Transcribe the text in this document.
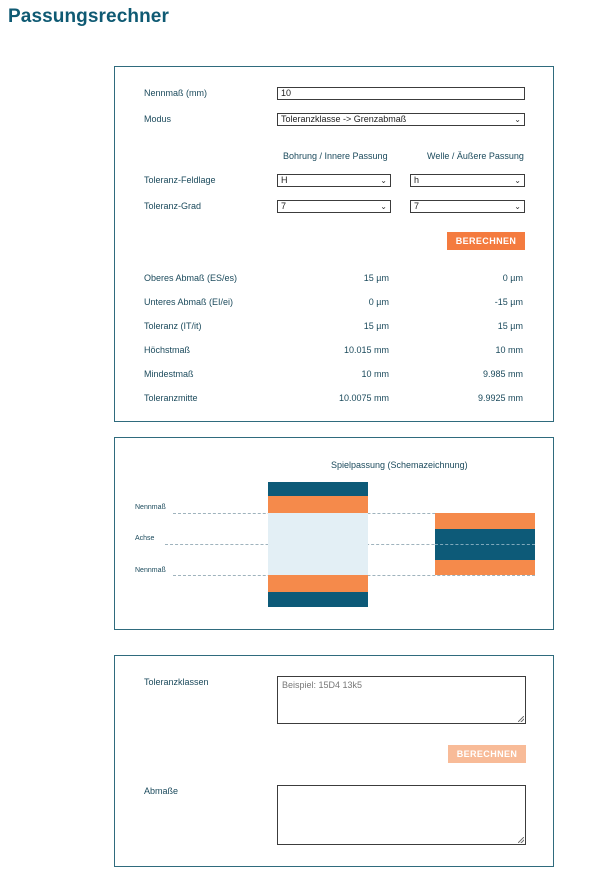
Passungsrechner
Nennmaß (mm)	10
Modus	Toleranzklasse -> Grenzabmaß	⌄
Bohrung / Innere Passung	Welle / Äußere Passung
Toleranz-Feldlage	H	⌄	h	⌄
Toleranz-Grad	7	⌄	7	⌄
BERECHNEN
Oberes Abmaß (ES/es)	15 µm	0 µm
Unteres Abmaß (EI/ei)	0 µm	-15 µm
Toleranz (IT/it)	15 µm	15 µm
Höchstmaß	10.015 mm	10 mm
Mindestmaß	10 mm	9.985 mm
Toleranzmitte	10.0075 mm	9.9925 mm
Spielpassung (Schemazeichnung)
Nennmaß
Achse
Nennmaß
Toleranzklassen	Beispiel: 15D4 13k5
BERECHNEN
Abmaße
